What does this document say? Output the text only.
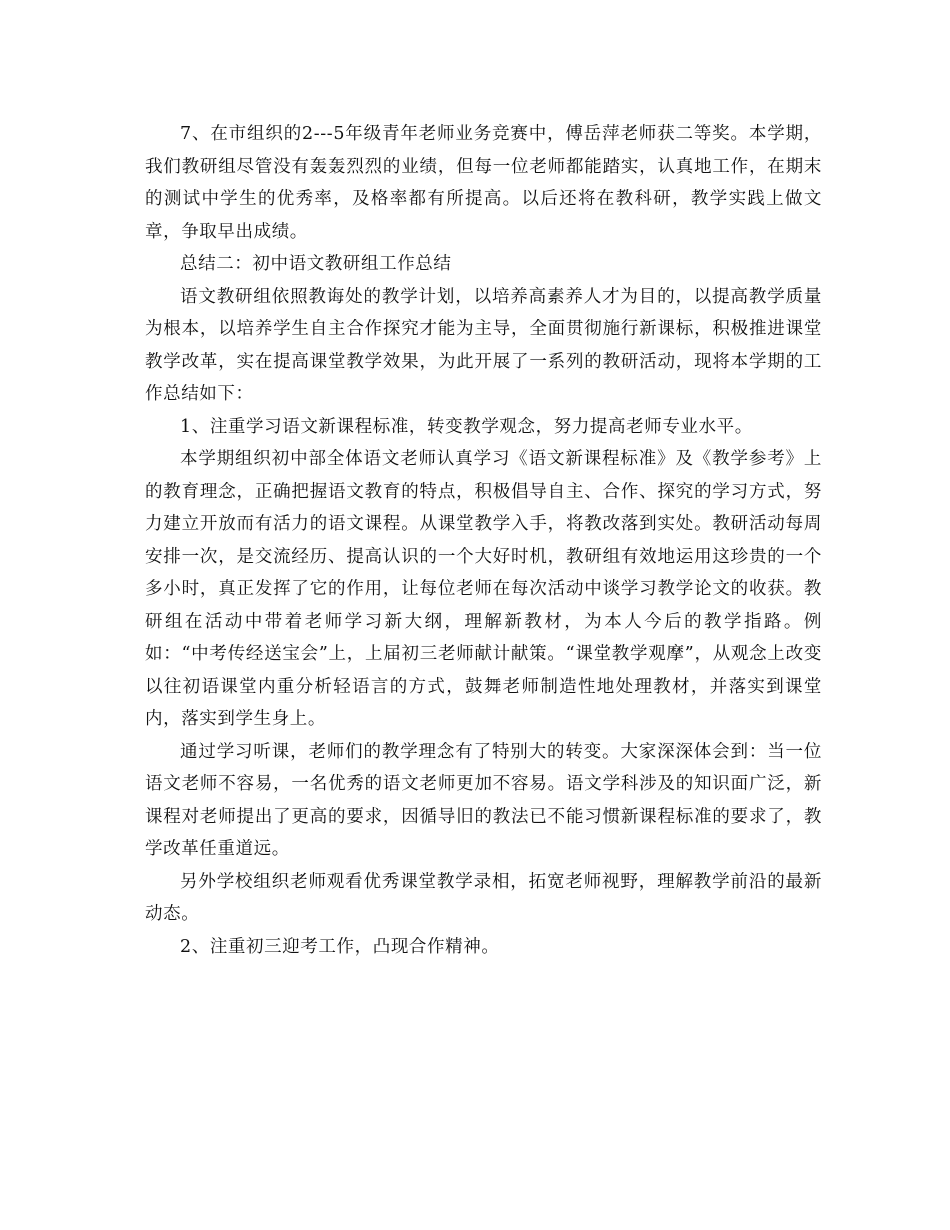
7、在市组织的2---5年级青年老师业务竞赛中，傅岳萍老师获二等奖。本学期，我们教研组尽管没有轰轰烈烈的业绩，但每一位老师都能踏实，认真地工作，在期末的测试中学生的优秀率，及格率都有所提高。以后还将在教科研，教学实践上做文章，争取早出成绩。

总结二：初中语文教研组工作总结

语文教研组依照教诲处的教学计划，以培养高素养人才为目的，以提高教学质量为根本，以培养学生自主合作探究才能为主导，全面贯彻施行新课标，积极推进课堂教学改革，实在提高课堂教学效果，为此开展了一系列的教研活动，现将本学期的工作总结如下：

1、注重学习语文新课程标准，转变教学观念，努力提高老师专业水平。

本学期组织初中部全体语文老师认真学习《语文新课程标准》及《教学参考》上的教育理念，正确把握语文教育的特点，积极倡导自主、合作、探究的学习方式，努力建立开放而有活力的语文课程。从课堂教学入手，将教改落到实处。教研活动每周安排一次，是交流经历、提高认识的一个大好时机，教研组有效地运用这珍贵的一个多小时，真正发挥了它的作用，让每位老师在每次活动中谈学习教学论文的收获。教研组在活动中带着老师学习新大纲，理解新教材，为本人今后的教学指路。例如：“中考传经送宝会”上，上届初三老师献计献策。“课堂教学观摩”，从观念上改变以往初语课堂内重分析轻语言的方式，鼓舞老师制造性地处理教材，并落实到课堂内，落实到学生身上。

通过学习听课，老师们的教学理念有了特别大的转变。大家深深体会到：当一位语文老师不容易，一名优秀的语文老师更加不容易。语文学科涉及的知识面广泛，新课程对老师提出了更高的要求，因循导旧的教法已不能习惯新课程标准的要求了，教学改革任重道远。

另外学校组织老师观看优秀课堂教学录相，拓宽老师视野，理解教学前沿的最新动态。

2、注重初三迎考工作，凸现合作精神。
